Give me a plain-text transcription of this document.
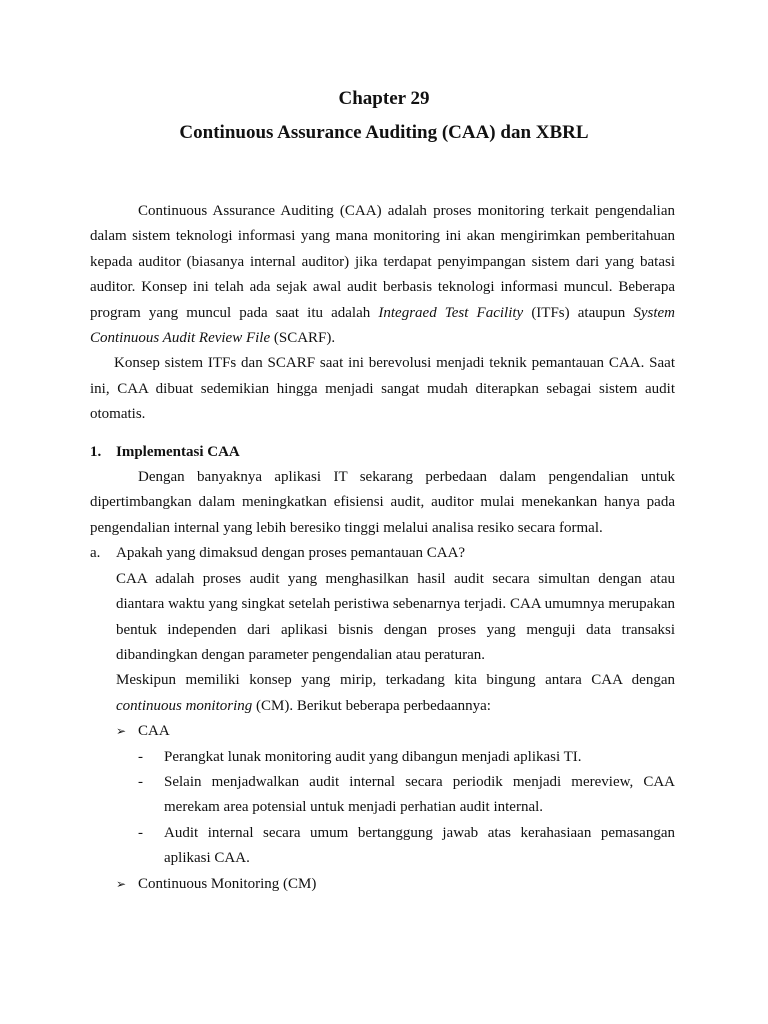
Chapter 29
Continuous Assurance Auditing (CAA) dan XBRL

Continuous Assurance Auditing (CAA) adalah proses monitoring terkait pengendalian dalam sistem teknologi informasi yang mana monitoring ini akan mengirimkan pemberitahuan kepada auditor (biasanya internal auditor) jika terdapat penyimpangan sistem dari yang batasi auditor. Konsep ini telah ada sejak awal audit berbasis teknologi informasi muncul. Beberapa program yang muncul pada saat itu adalah Integraed Test Facility (ITFs) ataupun System Continuous Audit Review File (SCARF).

Konsep sistem ITFs dan SCARF saat ini berevolusi menjadi teknik pemantauan CAA. Saat ini, CAA dibuat sedemikian hingga menjadi sangat mudah diterapkan sebagai sistem audit otomatis.

1. Implementasi CAA

Dengan banyaknya aplikasi IT sekarang perbedaan dalam pengendalian untuk dipertimbangkan dalam meningkatkan efisiensi audit, auditor mulai menekankan hanya pada pengendalian internal yang lebih beresiko tinggi melalui analisa resiko secara formal.

a.	Apakah yang dimaksud dengan proses pemantauan CAA?

CAA adalah proses audit yang menghasilkan hasil audit secara simultan dengan atau diantara waktu yang singkat setelah peristiwa sebenarnya terjadi. CAA umumnya merupakan bentuk independen dari aplikasi bisnis dengan proses yang menguji data transaksi dibandingkan dengan parameter pengendalian atau peraturan.

Meskipun memiliki konsep yang mirip, terkadang kita bingung antara CAA dengan continuous monitoring (CM). Berikut beberapa perbedaannya:

➢ CAA
-	Perangkat lunak monitoring audit yang dibangun menjadi aplikasi TI.
-	Selain menjadwalkan audit internal secara periodik menjadi mereview, CAA merekam area potensial untuk menjadi perhatian audit internal.
-	Audit internal secara umum bertanggung jawab atas kerahasiaan pemasangan aplikasi CAA.
➢ Continuous Monitoring (CM)
